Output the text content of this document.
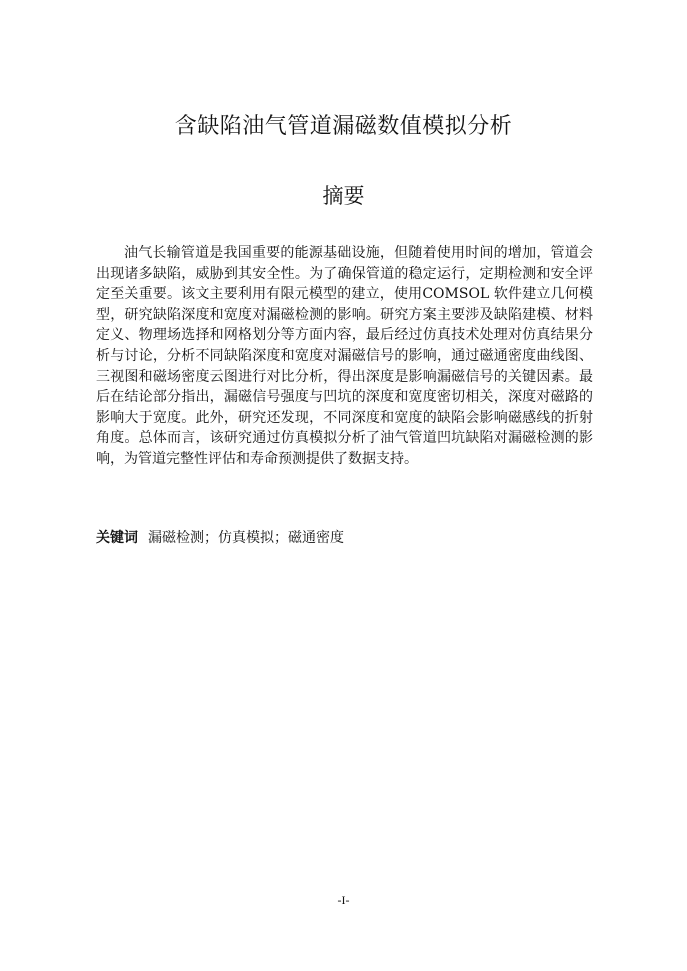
含缺陷油气管道漏磁数值模拟分析
摘要

油气长输管道是我国重要的能源基础设施，但随着使用时间的增加，管道会出现诸多缺陷，威胁到其安全性。为了确保管道的稳定运行，定期检测和安全评定至关重要。该文主要利用有限元模型的建立，使用COMSOL 软件建立几何模型，研究缺陷深度和宽度对漏磁检测的影响。研究方案主要涉及缺陷建模、材料定义、物理场选择和网格划分等方面内容，最后经过仿真技术处理对仿真结果分析与讨论，分析不同缺陷深度和宽度对漏磁信号的影响，通过磁通密度曲线图、三视图和磁场密度云图进行对比分析，得出深度是影响漏磁信号的关键因素。最后在结论部分指出，漏磁信号强度与凹坑的深度和宽度密切相关，深度对磁路的影响大于宽度。此外，研究还发现，不同深度和宽度的缺陷会影响磁感线的折射角度。总体而言，该研究通过仿真模拟分析了油气管道凹坑缺陷对漏磁检测的影响，为管道完整性评估和寿命预测提供了数据支持。

关键词 漏磁检测；仿真模拟；磁通密度
-I-
